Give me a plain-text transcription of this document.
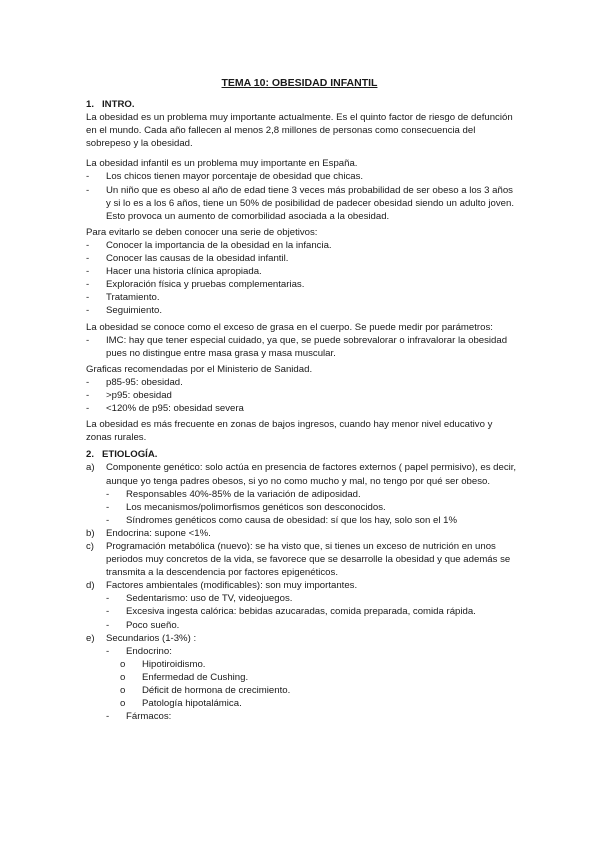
TEMA 10: OBESIDAD INFANTIL
1. INTRO.

La obesidad es un problema muy importante actualmente. Es el quinto factor de riesgo de defunción en el mundo. Cada año fallecen al menos 2,8 millones de personas como consecuencia del sobrepeso y la obesidad.

La obesidad infantil es un problema muy importante en España.

-	Los chicos tienen mayor porcentaje de obesidad que chicas.
-	Un niño que es obeso al año de edad tiene 3 veces más probabilidad de ser obeso a los 3 años y si lo es a los 6 años, tiene un 50% de posibilidad de padecer obesidad siendo un adulto joven. Esto provoca un aumento de comorbilidad asociada a la obesidad.

Para evitarlo se deben conocer una serie de objetivos:

-	Conocer la importancia de la obesidad en la infancia.
-	Conocer las causas de la obesidad infantil.
-	Hacer una historia clínica apropiada.
-	Exploración física y pruebas complementarias.
-	Tratamiento.
-	Seguimiento.

La obesidad se conoce como el exceso de grasa en el cuerpo. Se puede medir por parámetros:

-	IMC: hay que tener especial cuidado, ya que, se puede sobrevalorar o infravalorar la obesidad pues no distingue entre masa grasa y masa muscular.

Graficas recomendadas por el Ministerio de Sanidad.

-	p85-95: obesidad.
-	>p95: obesidad
-	<120% de p95: obesidad severa

La obesidad es más frecuente en zonas de bajos ingresos, cuando hay menor nivel educativo y zonas rurales.

2. ETIOLOGÍA.
a)	Componente genético: solo actúa en presencia de factores externos ( papel permisivo), es decir, aunque yo tenga padres obesos, si yo no como mucho y mal, no tengo por qué ser obeso.
-	Responsables 40%-85% de la variación de adiposidad.
-	Los mecanismos/polimorfismos genéticos son desconocidos.
-	Síndromes genéticos como causa de obesidad: sí que los hay, solo son el 1%
b)	Endocrina: supone <1%.
c)	Programación metabólica (nuevo): se ha visto que, si tienes un exceso de nutrición en unos periodos muy concretos de la vida, se favorece que se desarrolle la obesidad y que además se transmita a la descendencia por factores epigenéticos.
d)	Factores ambientales (modificables): son muy importantes.
-	Sedentarismo: uso de TV, videojuegos.
-	Excesiva ingesta calórica: bebidas azucaradas, comida preparada, comida rápida.
-	Poco sueño.
e)	Secundarios (1-3%) :
-	Endocrino:
o	Hipotiroidismo.
o	Enfermedad de Cushing.
o	Déficit de hormona de crecimiento.
o	Patología hipotalámica.
-	Fármacos:
